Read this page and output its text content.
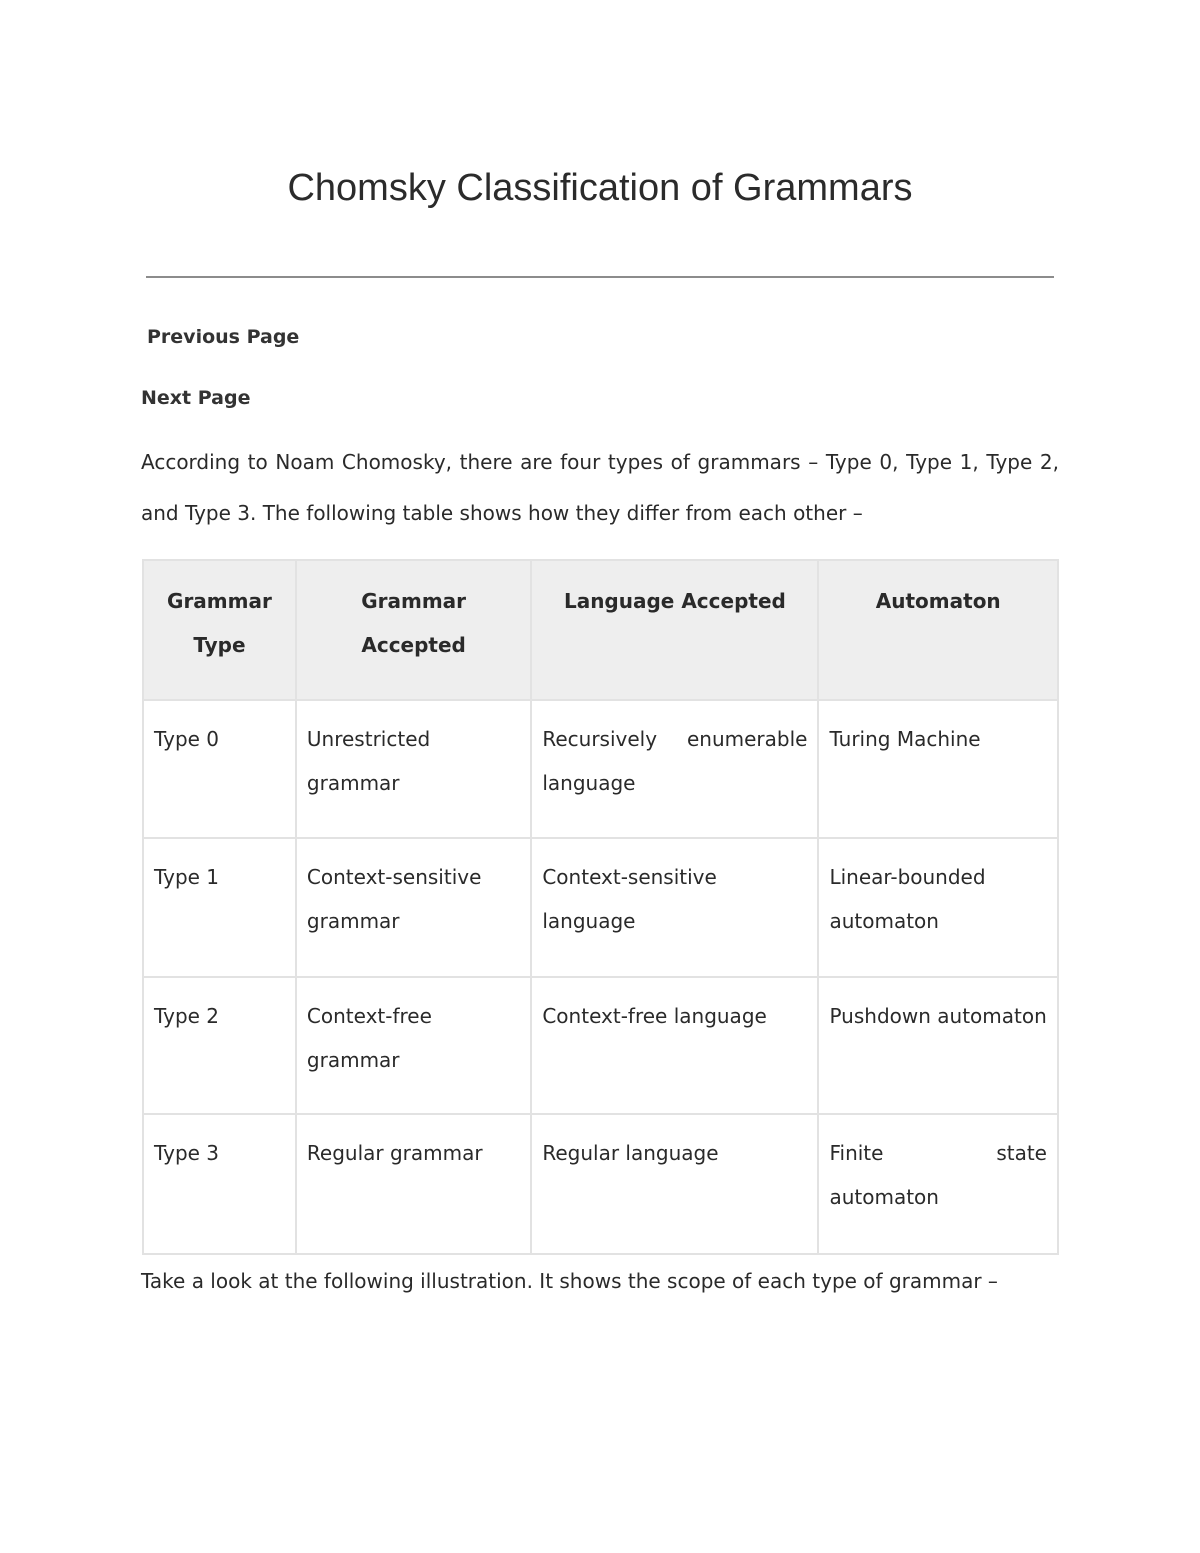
Chomsky Classification of Grammars
Previous Page
Next Page

According to Noam Chomosky, there are four types of grammars – Type 0, Type 1, Type 2, and Type 3. The following table shows how they differ from each other –

Grammar Type	Grammar Accepted	Language Accepted	Automaton
Type 0	Unrestricted grammar	Recursively enumerable language	Turing Machine
Type 1	Context-sensitive grammar	Context-sensitive language	Linear-bounded automaton
Type 2	Context-free grammar	Context-free language	Pushdown automaton
Type 3	Regular grammar	Regular language	Finite state automaton

Take a look at the following illustration. It shows the scope of each type of grammar –
